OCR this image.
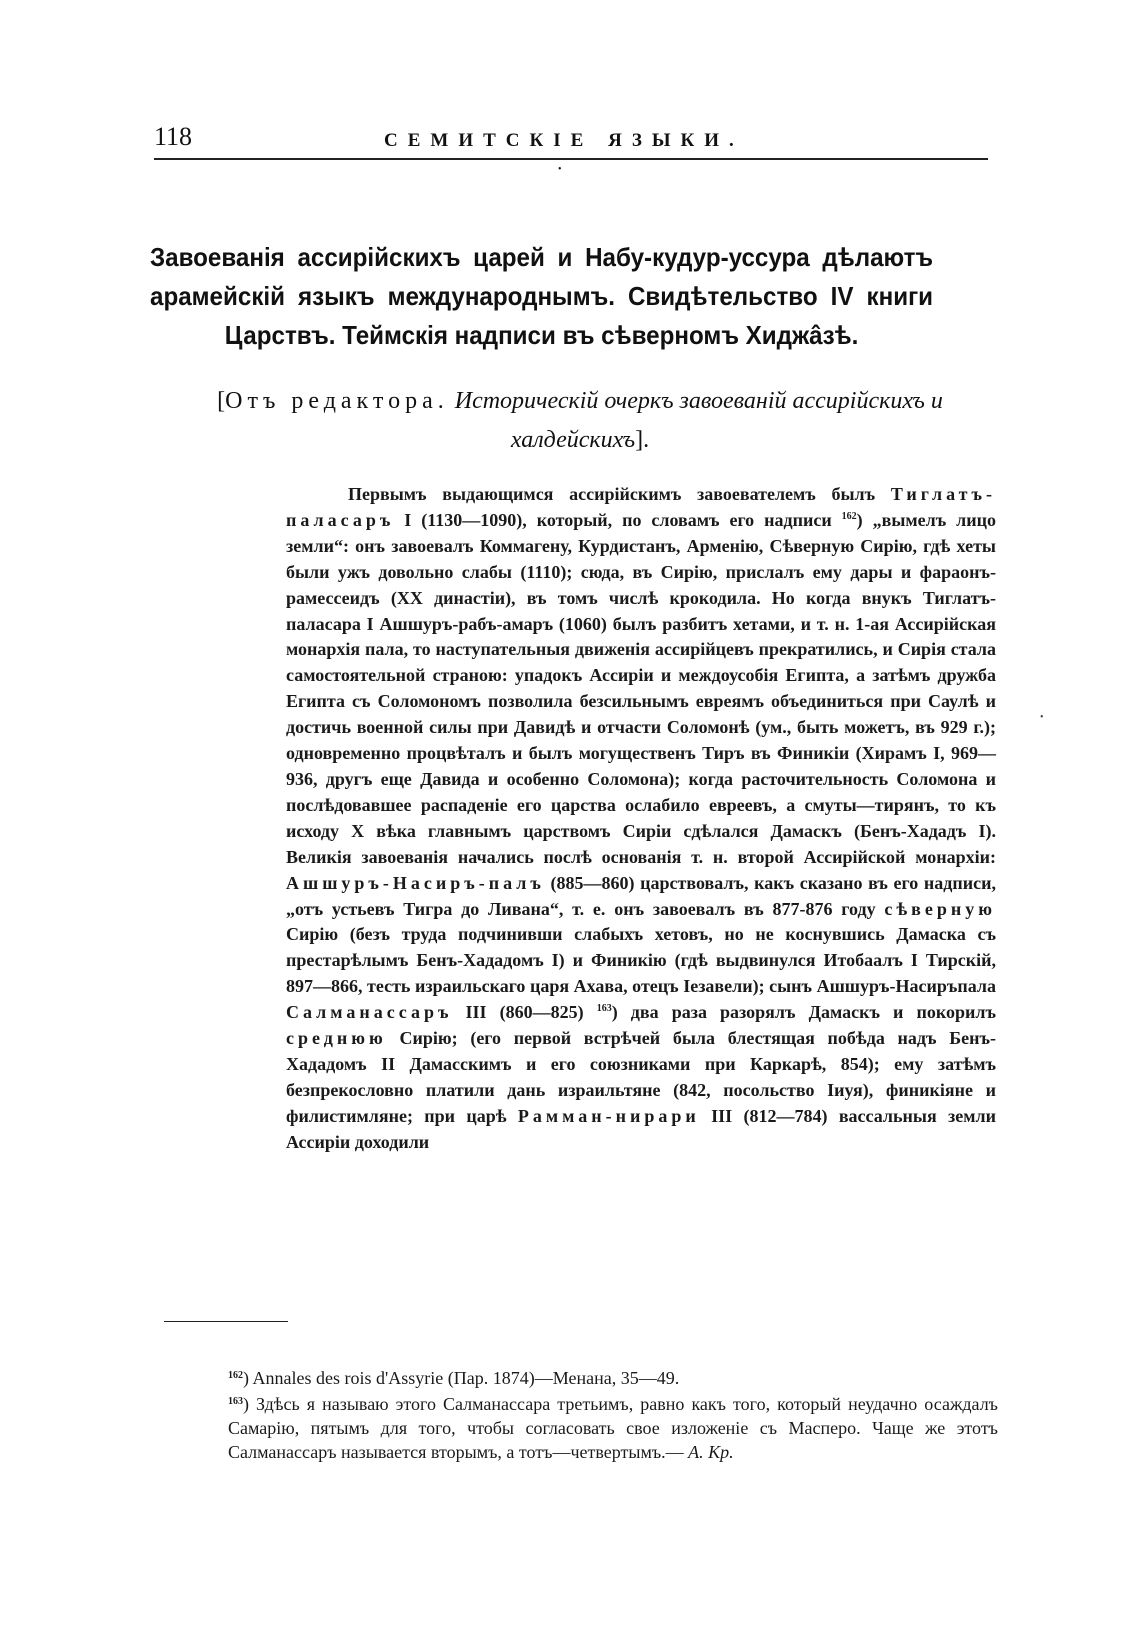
118	СЕМИТСКІЕ ЯЗЫКИ.
•
•
Завоеванія ассирійскихъ царей и Набу-кудур-уссура дѣлаютъ арамейскій языкъ международнымъ. Свидѣтельство IV книги Царствъ. Теймскія надписи въ сѣверномъ Хиджâзѣ.
[Отъ редактора. Историческій очеркъ завоеваній ассирійскихъ и халдейскихъ].

Первымъ выдающимся ассирійскимъ завоевателемъ былъ Тиглатъ-паласаръ I (1130—1090), который, по словамъ его надписи $^{162}$) „вымелъ лицо земли“: онъ завоевалъ Коммагену, Курдистанъ, Арменію, Сѣверную Сирію, гдѣ хеты были ужъ довольно слабы (1110); сюда, въ Сирію, прислалъ ему дары и фараонъ-рамессеидъ (XX династіи), въ томъ числѣ крокодила. Но когда внукъ Тиглатъ-паласара I Ашшуръ-рабъ-амаръ (1060) былъ разбитъ хетами, и т. н. 1-ая Ассирійская монархія пала, то наступательныя движенія ассирійцевъ прекратились, и Сирія стала самостоятельной страною: упадокъ Ассиріи и междоусобія Египта, а затѣмъ дружба Египта съ Соломономъ позволила безсильнымъ евреямъ объединиться при Саулѣ и достичь военной силы при Давидѣ и отчасти Соломонѣ (ум., быть можетъ, въ 929 г.); одновременно процвѣталъ и былъ могущественъ Тиръ въ Финикіи (Хирамъ I, 969—936, другъ еще Давида и особенно Соломона); когда расточительность Соломона и послѣдовавшее распаденіе его царства ослабило евреевъ, а смуты—тирянъ, то къ исходу X вѣка главнымъ царствомъ Сиріи сдѣлался Дамаскъ (Бенъ-Хададъ I). Великія завоеванія начались послѣ основанія т. н. второй Ассирійской монархіи: Ашшуръ-Насиръ-палъ (885—860) царствовалъ, какъ сказано въ его надписи, „отъ устьевъ Тигра до Ливана“, т. е. онъ завоевалъ въ 877-876 году сѣверную Сирію (безъ труда подчинивши слабыхъ хетовъ, но не коснувшись Дамаска съ престарѣлымъ Бенъ-Хададомъ I) и Финикію (гдѣ выдвинулся Итобаалъ I Тирскій, 897—866, тесть израильскаго царя Ахава, отецъ Іезавели); сынъ Ашшуръ-Насиръпала Салманассаръ III (860—825) $^{163}$) два раза разорялъ Дамаскъ и покорилъ среднюю Сирію; (его первой встрѣчей была блестящая побѣда надъ Бенъ-Хададомъ II Дамасскимъ и его союзниками при Каркарѣ, 854); ему затѣмъ безпрекословно платили дань израильтяне (842, посольство Іиуя), финикіяне и филистимляне; при царѣ Рамман-нирари III (812—784) вассальныя земли Ассиріи доходили

$^{162}$) Annales des rois d'Assyrie (Пар. 1874)—Менана, 35—49.

$^{163}$) Здѣсь я называю этого Салманассара третьимъ, равно какъ того, который неудачно осаждалъ Самарію, пятымъ для того, чтобы согласовать свое изложеніе съ Масперо. Чаще же этотъ Салманассаръ называется вторымъ, а тотъ—четвертымъ.— А. Кр.
